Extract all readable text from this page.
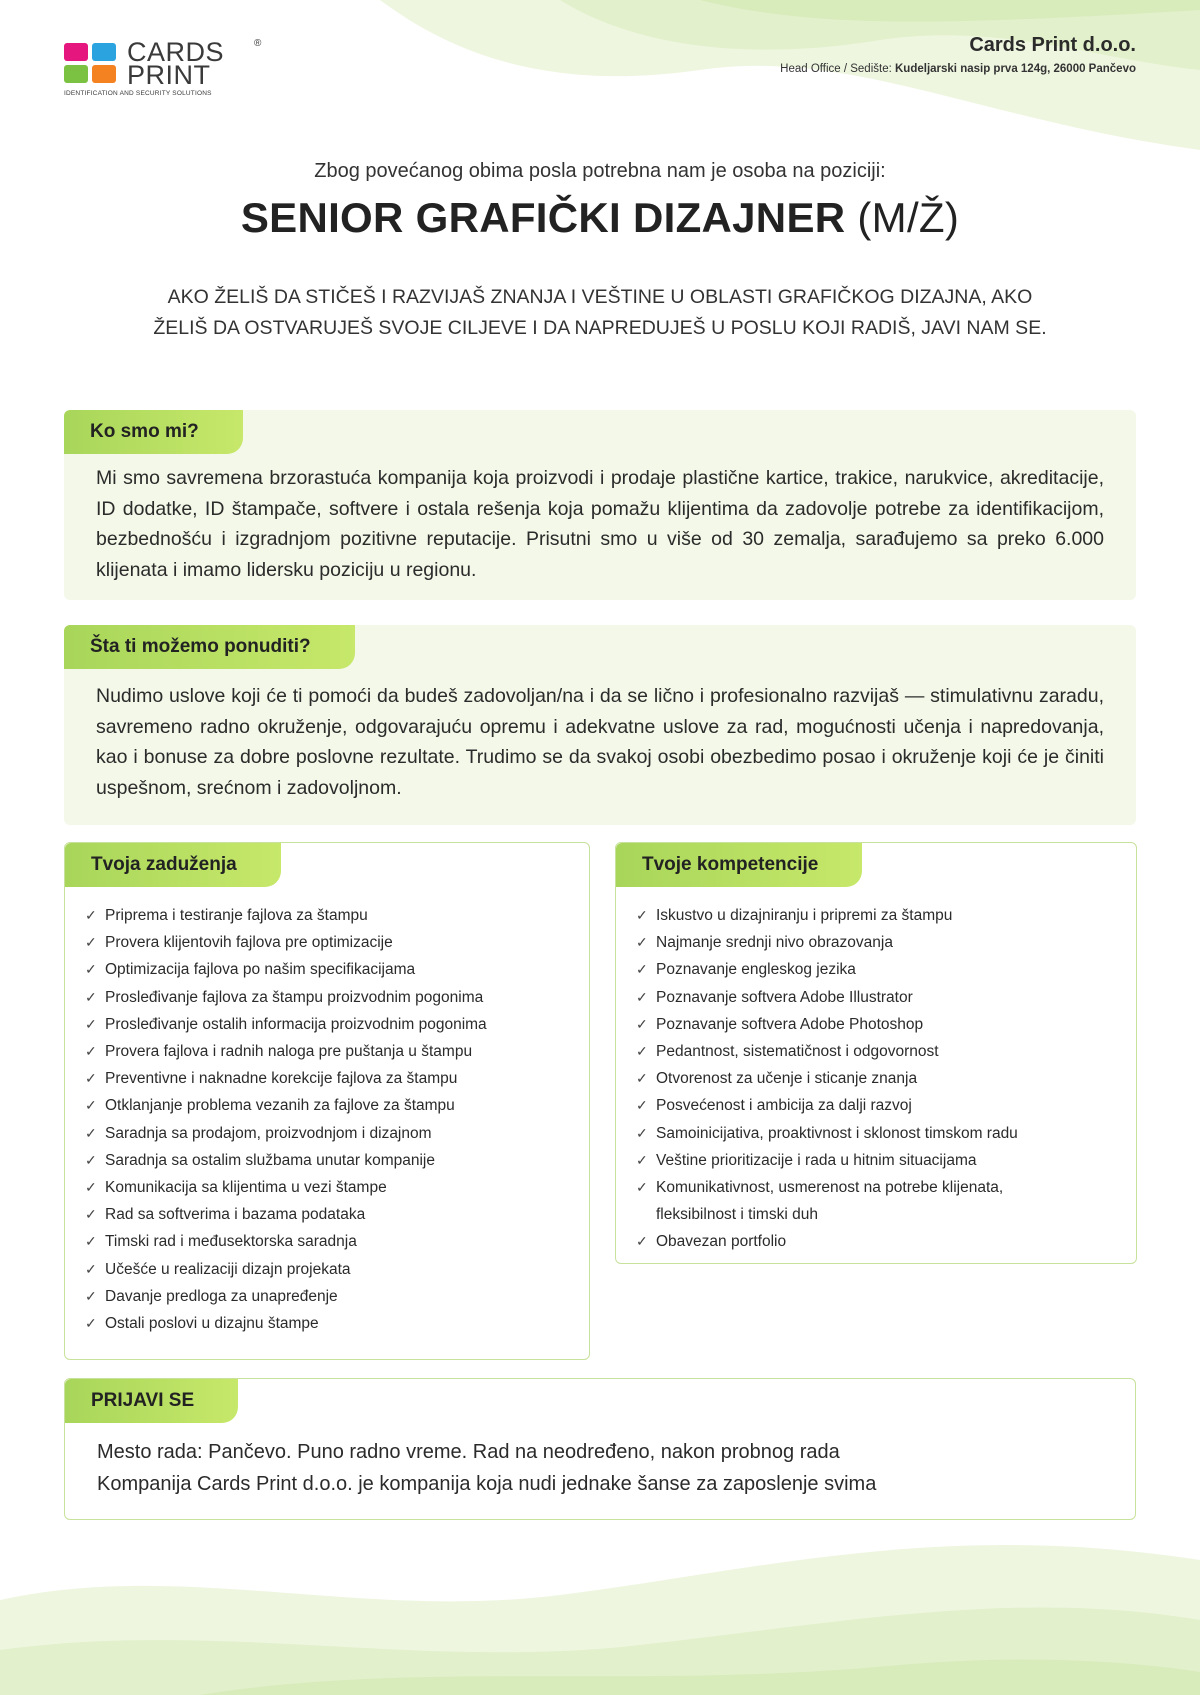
CARDS
PRINT
®
IDENTIFICATION AND SECURITY SOLUTIONS
Cards Print d.o.o.
Head Office / Sedište: Kudeljarski nasip prva 124g, 26000 Pančevo
Zbog povećanog obima posla potrebna nam je osoba na poziciji:
SENIOR GRAFIČKI DIZAJNER (M/Ž)
AKO ŽELIŠ DA STIČEŠ I RAZVIJAŠ ZNANJA I VEŠTINE U OBLASTI GRAFIČKOG DIZAJNA, AKO
ŽELIŠ DA OSTVARUJEŠ SVOJE CILJEVE I DA NAPREDUJEŠ U POSLU KOJI RADIŠ, JAVI NAM SE.
Ko smo mi?
Mi smo savremena brzorastuća kompanija koja proizvodi i prodaje plastične kartice, trakice, narukvice, akreditacije, ID dodatke, ID štampače, softvere i ostala rešenja koja pomažu klijentima da zadovolje potrebe za identifikacijom, bezbednošću i izgradnjom pozitivne reputacije. Prisutni smo u više od 30 zemalja, sarađujemo sa preko 6.000 klijenata i imamo lidersku poziciju u regionu.
Šta ti možemo ponuditi?
Nudimo uslove koji će ti pomoći da budeš zadovoljan/na i da se lično i profesionalno razvijaš — stimulativnu zaradu, savremeno radno okruženje, odgovarajuću opremu i adekvatne uslove za rad, mogućnosti učenja i napredovanja, kao i bonuse za dobre poslovne rezultate. Trudimo se da svakoj osobi obezbedimo posao i okruženje koji će je činiti uspešnom, srećnom i zadovoljnom.
Tvoja zaduženja
✓ Priprema i testiranje fajlova za štampu
✓ Provera klijentovih fajlova pre optimizacije
✓ Optimizacija fajlova po našim specifikacijama
✓ Prosleđivanje fajlova za štampu proizvodnim pogonima
✓ Prosleđivanje ostalih informacija proizvodnim pogonima
✓ Provera fajlova i radnih naloga pre puštanja u štampu
✓ Preventivne i naknadne korekcije fajlova za štampu
✓ Otklanjanje problema vezanih za fajlove za štampu
✓ Saradnja sa prodajom, proizvodnjom i dizajnom
✓ Saradnja sa ostalim službama unutar kompanije
✓ Komunikacija sa klijentima u vezi štampe
✓ Rad sa softverima i bazama podataka
✓ Timski rad i međusektorska saradnja
✓ Učešće u realizaciji dizajn projekata
✓ Davanje predloga za unapređenje
✓ Ostali poslovi u dizajnu štampe
Tvoje kompetencije
✓ Iskustvo u dizajniranju i pripremi za štampu
✓ Najmanje srednji nivo obrazovanja
✓ Poznavanje engleskog jezika
✓ Poznavanje softvera Adobe Illustrator
✓ Poznavanje softvera Adobe Photoshop
✓ Pedantnost, sistematičnost i odgovornost
✓ Otvorenost za učenje i sticanje znanja
✓ Posvećenost i ambicija za dalji razvoj
✓ Samoinicijativa, proaktivnost i sklonost timskom radu
✓ Veštine prioritizacije i rada u hitnim situacijama
✓ Komunikativnost, usmerenost na potrebe klijenata,
fleksibilnost i timski duh
✓ Obavezan portfolio
PRIJAVI SE
Mesto rada: Pančevo. Puno radno vreme. Rad na neodređeno, nakon probnog rada
Kompanija Cards Print d.o.o. je kompanija koja nudi jednake šanse za zaposlenje svima
